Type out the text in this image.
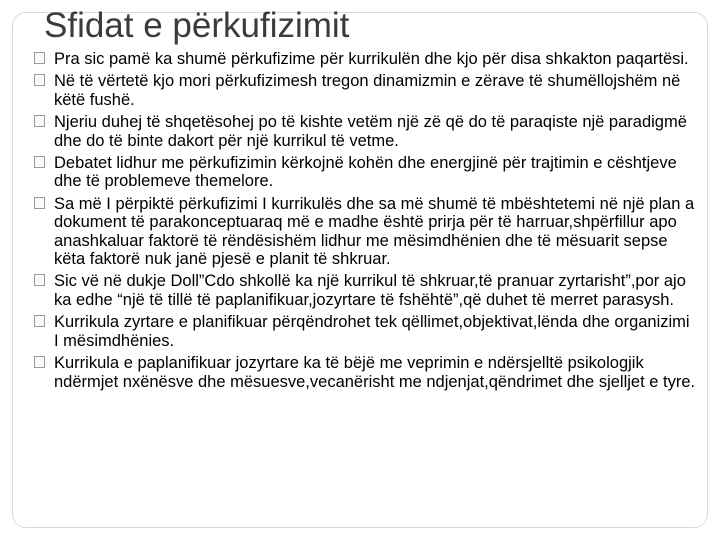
Sfidat e përkufizimit
Pra sic pamë ka shumë përkufizime për kurrikulën dhe kjo për disa shkakton paqartësi.
Në të vërtetë kjo mori përkufizimesh tregon dinamizmin e zërave të shumëllojshëm në këtë fushë.
Njeriu duhej të shqetësohej po të kishte vetëm një zë që do të paraqiste një paradigmë dhe do të binte dakort për një kurrikul të vetme.
Debatet lidhur me përkufizimin kërkojnë kohën dhe energjinë për trajtimin e cështjeve dhe të problemeve themelore.
Sa më I përpiktë përkufizimi I kurrikulës dhe sa më shumë të mbështetemi në një plan a dokument të parakonceptuaraq më e madhe është prirja për të harruar,shpërfillur apo anashkaluar faktorë të rëndësishëm lidhur me mësimdhënien dhe të mësuarit sepse këta faktorë nuk janë pjesë e planit të shkruar.
Sic vë në dukje Doll”Cdo shkollë ka një kurrikul të shkruar,të pranuar zyrtarisht”,por ajo ka edhe “një të tillë të paplanifikuar,jozyrtare të fshëhtë”,që duhet të merret parasysh.
Kurrikula zyrtare e planifikuar përqëndrohet tek qëllimet,objektivat,lënda dhe organizimi I mësimdhënies.
Kurrikula e paplanifikuar jozyrtare ka të bëjë me veprimin e ndërsjelltë psikologjik ndërmjet nxënësve dhe mësuesve,vecanërisht me ndjenjat,qëndrimet dhe sjelljet e tyre.
